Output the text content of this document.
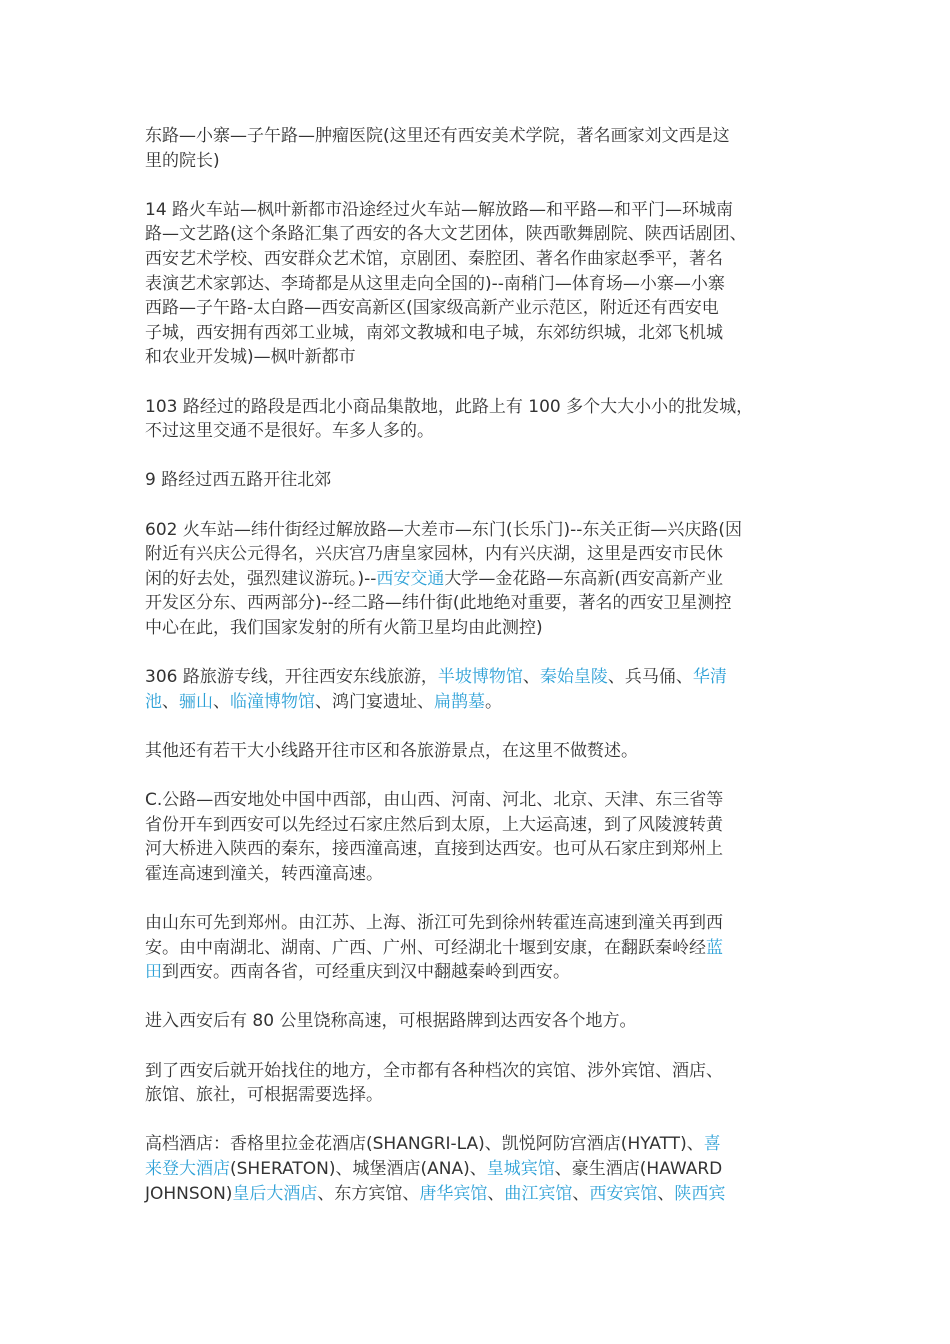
东路—小寨—子午路—肿瘤医院(这里还有西安美术学院，著名画家刘文西是这
里的院长)

14 路火车站—枫叶新都市沿途经过火车站—解放路—和平路—和平门—环城南
路—文艺路(这个条路汇集了西安的各大文艺团体，陕西歌舞剧院、陕西话剧团、
西安艺术学校、西安群众艺术馆，京剧团、秦腔团、著名作曲家赵季平，著名
表演艺术家郭达、李琦都是从这里走向全国的)--南稍门—体育场—小寨—小寨
西路—子午路-太白路—西安高新区(国家级高新产业示范区，附近还有西安电
子城，西安拥有西郊工业城，南郊文教城和电子城，东郊纺织城，北郊飞机城
和农业开发城)—枫叶新都市

103 路经过的路段是西北小商品集散地，此路上有 100 多个大大小小的批发城，
不过这里交通不是很好。车多人多的。

9 路经过西五路开往北郊

602 火车站—纬什街经过解放路—大差市—东门(长乐门)--东关正街—兴庆路(因
附近有兴庆公元得名，兴庆宫乃唐皇家园林，内有兴庆湖，这里是西安市民休
闲的好去处，强烈建议游玩。)--西安交通大学—金花路—东高新(西安高新产业
开发区分东、西两部分)--经二路—纬什街(此地绝对重要，著名的西安卫星测控
中心在此，我们国家发射的所有火箭卫星均由此测控)

306 路旅游专线，开往西安东线旅游，半坡博物馆、秦始皇陵、兵马俑、华清
池、骊山、临潼博物馆、鸿门宴遗址、扁鹊墓。

其他还有若干大小线路开往市区和各旅游景点，在这里不做赘述。

C.公路—西安地处中国中西部，由山西、河南、河北、北京、天津、东三省等
省份开车到西安可以先经过石家庄然后到太原，上大运高速，到了风陵渡转黄
河大桥进入陕西的秦东，接西潼高速，直接到达西安。也可从石家庄到郑州上
霍连高速到潼关，转西潼高速。

由山东可先到郑州。由江苏、上海、浙江可先到徐州转霍连高速到潼关再到西
安。由中南湖北、湖南、广西、广州、可经湖北十堰到安康，在翻跃秦岭经蓝
田到西安。西南各省，可经重庆到汉中翻越秦岭到西安。

进入西安后有 80 公里饶称高速，可根据路牌到达西安各个地方。

到了西安后就开始找住的地方，全市都有各种档次的宾馆、涉外宾馆、酒店、
旅馆、旅社，可根据需要选择。

高档酒店：香格里拉金花酒店(SHANGRI-LA)、凯悦阿防宫酒店(HYATT)、喜
来登大酒店(SHERATON)、城堡酒店(ANA)、皇城宾馆、豪生酒店(HAWARD
JOHNSON)皇后大酒店、东方宾馆、唐华宾馆、曲江宾馆、西安宾馆、陕西宾
